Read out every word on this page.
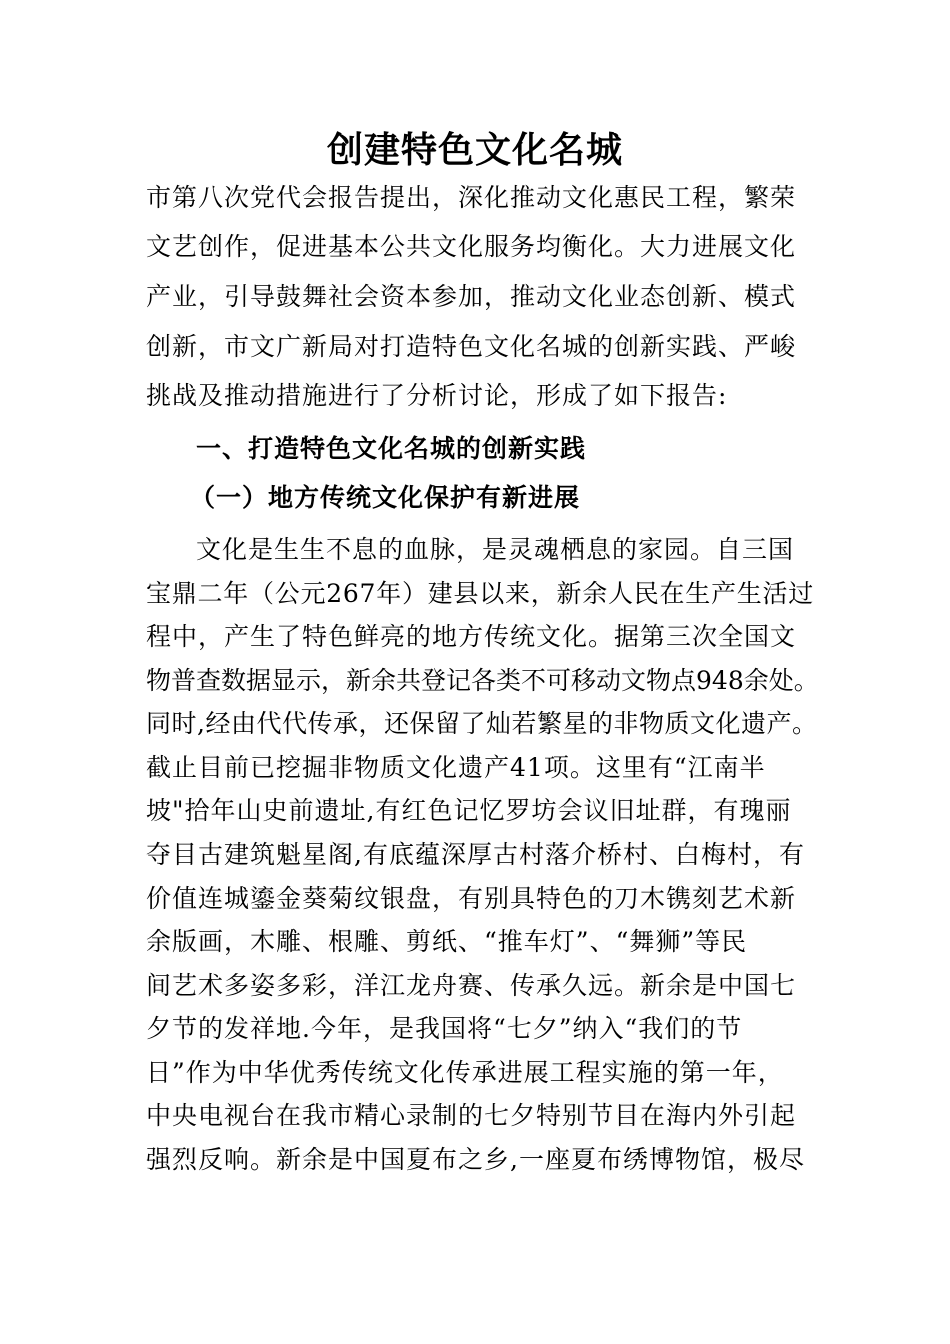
创建特色文化名城
市第八次党代会报告提出，深化推动文化惠民工程，繁荣
文艺创作，促进基本公共文化服务均衡化。大力进展文化
产业，引导鼓舞社会资本参加，推动文化业态创新、模式
创新，市文广新局对打造特色文化名城的创新实践、严峻
挑战及推动措施进行了分析讨论，形成了如下报告:
一、打造特色文化名城的创新实践
（一）地方传统文化保护有新进展
文化是生生不息的血脉，是灵魂栖息的家园。自三国
宝鼎二年（公元267年）建县以来，新余人民在生产生活过
程中，产生了特色鲜亮的地方传统文化。据第三次全国文
物普查数据显示，新余共登记各类不可移动文物点948余处。
同时,经由代代传承，还保留了灿若繁星的非物质文化遗产。
截止目前已挖掘非物质文化遗产41项。这里有“江南半
坡"拾年山史前遗址,有红色记忆罗坊会议旧址群，有瑰丽
夺目古建筑魁星阁,有底蕴深厚古村落介桥村、白梅村，有
价值连城鎏金葵菊纹银盘，有别具特色的刀木镌刻艺术新
余版画，木雕、根雕、剪纸、“推车灯”、“舞狮”等民
间艺术多姿多彩，洋江龙舟赛、传承久远。新余是中国七
夕节的发祥地.今年，是我国将“七夕”纳入“我们的节
日”作为中华优秀传统文化传承进展工程实施的第一年，
中央电视台在我市精心录制的七夕特别节目在海内外引起
强烈反响。新余是中国夏布之乡,一座夏布绣博物馆，极尽
